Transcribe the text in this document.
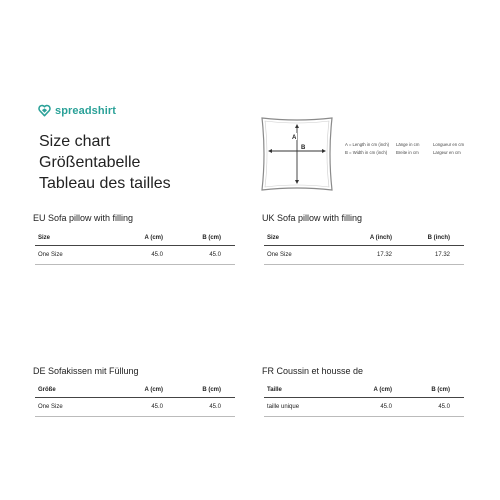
spreadshirt
Size chart
Größentabelle
Tableau des tailles
A
B
A = Length in cm (inch)	Länge in cm	Longueur en cm
B = Width in cm (inch)	Breite in cm	Largeur en cm
EU Sofa pillow with filling
Size	A (cm)	B (cm)
One Size	45.0	45.0
UK Sofa pillow with filling
Size	A (inch)	B (inch)
One Size	17.32	17.32
DE Sofakissen mit Füllung
Größe	A (cm)	B (cm)
One Size	45.0	45.0
FR Coussin et housse de
Taille	A (cm)	B (cm)
taille unique	45.0	45.0
